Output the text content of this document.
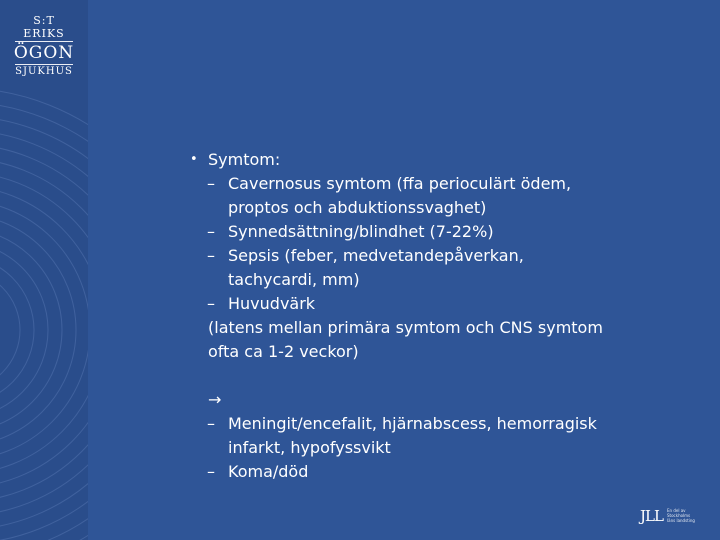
S:T ERIKS
ÖGON
SJUKHUS
• Symtom:
– Cavernosus symtom (ffa perioculärt ödem,
proptos och abduktionssvaghet)
– Synnedsättning/blindhet (7-22%)
– Sepsis (feber, medvetandepåverkan,
tachycardi, mm)
– Huvudvärk
(latens mellan primära symtom och CNS symtom
ofta ca 1-2 veckor)
→
– Meningit/encefalit, hjärnabscess, hemorragisk
infarkt, hypofyssvikt
– Koma/död
JLL En del av
Stockholms
läns landsting
